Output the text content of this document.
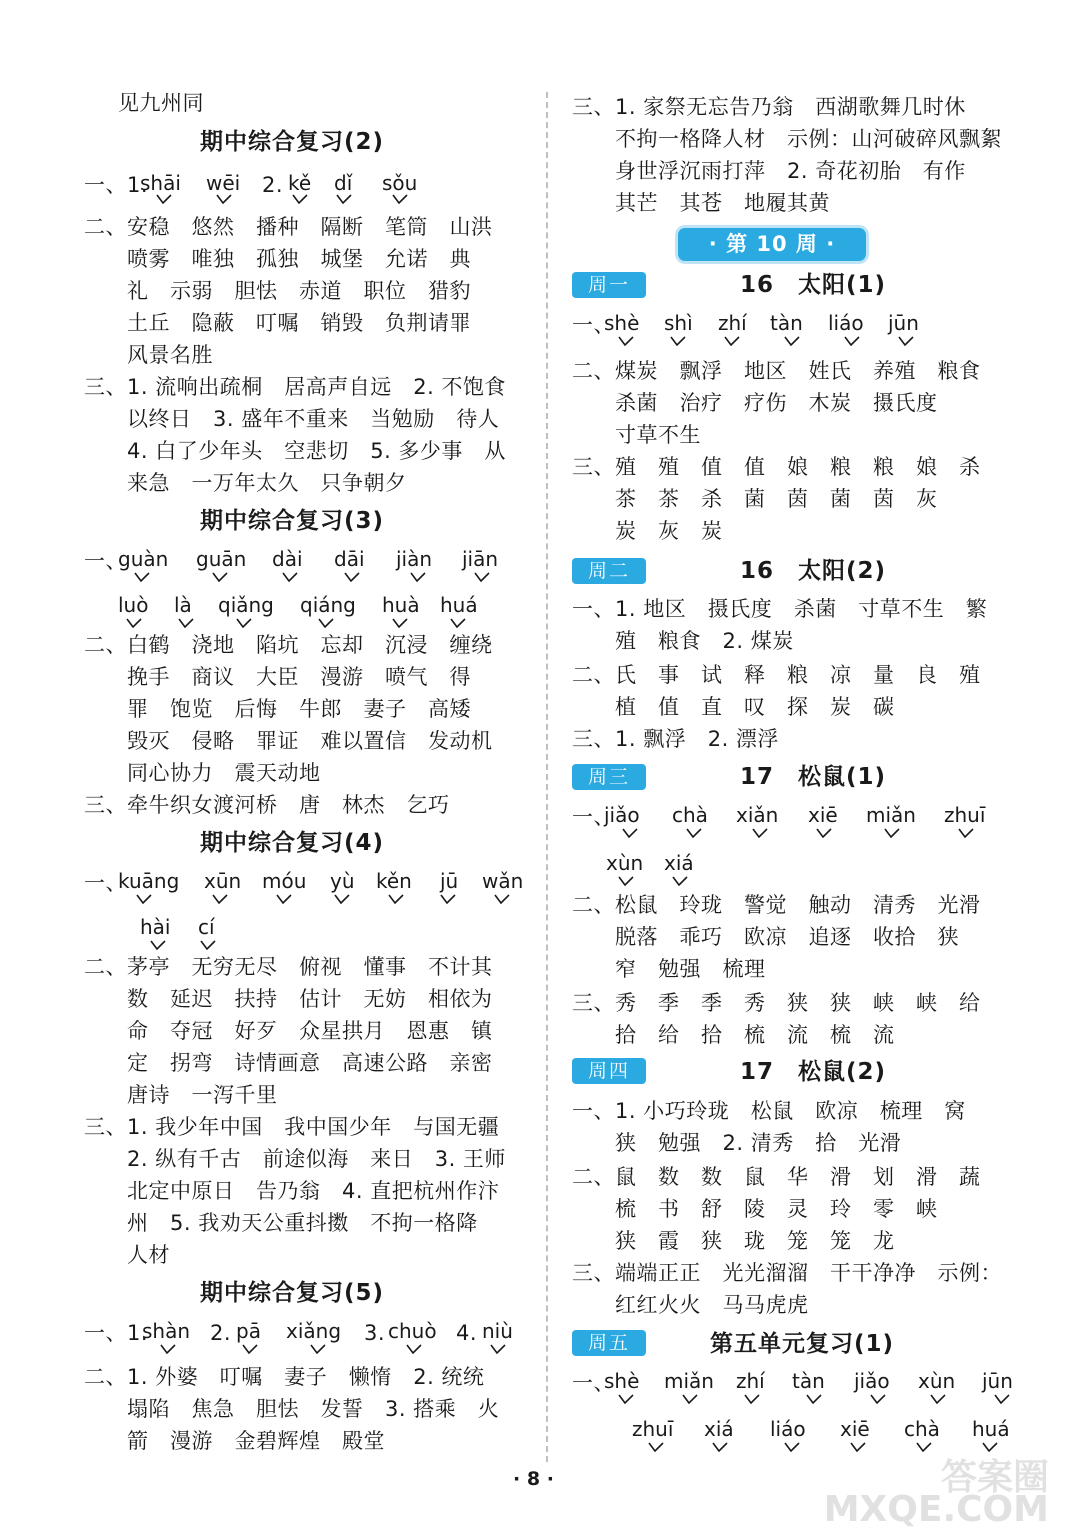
见九州同
期中综合复习(2)
一、1.	2.
shāi wēi kě dǐ sǒu
二、安稳　悠然　播种　隔断　笔筒　山洪
　　喷雾　唯独　孤独　城堡　允诺　典
　　礼　示弱　胆怯　赤道　职位　猎豹
　　土丘　隐蔽　叮嘱　销毁　负荆请罪
　　风景名胜
三、1. 流响出疏桐　居高声自远　2. 不饱食
　　以终日　3. 盛年不重来　当勉励　待人
　　4. 白了少年头　空悲切　5. 多少事　从
　　来急　一万年太久　只争朝夕
期中综合复习(3)
一、
guàn guān dài dāi jiàn jiān
luò là qiǎng qiáng huà huá
二、白鹤　浇地　陷坑　忘却　沉浸　缠绕
　　挽手　商议　大臣　漫游　喷气　得
　　罪　饱览　后悔　牛郎　妻子　高矮
　　毁灭　侵略　罪证　难以置信　发动机
　　同心协力　震天动地
三、牵牛织女渡河桥　唐　林杰　乞巧
期中综合复习(4)
一、
kuāng xūn móu yù kěn jū wǎn
hài cí
二、茅亭　无穷无尽　俯视　懂事　不计其
　　数　延迟　扶持　估计　无妨　相依为
　　命　夺冠　好歹　众星拱月　恩惠　镇
　　定　拐弯　诗情画意　高速公路　亲密
　　唐诗　一泻千里
三、1. 我少年中国　我中国少年　与国无疆
　　2. 纵有千古　前途似海　来日　3. 王师
　　北定中原日　告乃翁　4. 直把杭州作汴
　　州　5. 我劝天公重抖擞　不拘一格降
　　人材
期中综合复习(5)
一、1.
shàn 2. pā xiǎng 3. chuò 4. niù
二、1. 外婆　叮嘱　妻子　懒惰　2. 统统
　　塌陷　焦急　胆怯　发誓　3. 搭乘　火
　　箭　漫游　金碧辉煌　殿堂
三、1. 家祭无忘告乃翁　西湖歌舞几时休
　　不拘一格降人材　示例：山河破碎风飘絮
　　身世浮沉雨打萍　2. 奇花初胎　有作
　　其芒　其苍　地履其黄
· 第 10 周 ·
周一	16　太阳(1)
一、
shè shì zhí tàn liáo jūn
二、煤炭　飘浮　地区　姓氏　养殖　粮食
　　杀菌　治疗　疗伤　木炭　摄氏度
　　寸草不生
三、殖　殖　值　值　娘　粮　粮　娘　杀
　　茶　茶　杀　菌　茵　菌　茵　灰
　　炭　灰　炭
周二	16　太阳(2)
一、1. 地区　摄氏度　杀菌　寸草不生　繁
　　殖　粮食　2. 煤炭
二、氏　事　试　释　粮　凉　量　良　殖
　　植　值　直　叹　探　炭　碳
三、1. 飘浮　2. 漂浮
周三	17　松鼠(1)
一、
jiǎo chà xiǎn xiē miǎn zhuī
xùn xiá
二、松鼠　玲珑　警觉　触动　清秀　光滑
　　脱落　乖巧　欧凉　追逐　收拾　狭
　　窄　勉强　梳理
三、秀　季　季　秀　狭　狭　峡　峡　给
　　拾　给　拾　梳　流　梳　流
周四	17　松鼠(2)
一、1. 小巧玲珑　松鼠　欧凉　梳理　窝
　　狭　勉强　2. 清秀　拾　光滑
二、鼠　数　数　鼠　华　滑　划　滑　蔬
　　梳　书　舒　陵　灵　玲　零　峡
　　狭　霞　狭　珑　笼　笼　龙
三、端端正正　光光溜溜　干干净净　示例：
　　红红火火　马马虎虎
周五	第五单元复习(1)
一、
shè miǎn zhí tàn jiǎo xùn jūn
zhuī xiá liáo xiē chà huá
· 8 ·	答案圈
MXQE.COM
